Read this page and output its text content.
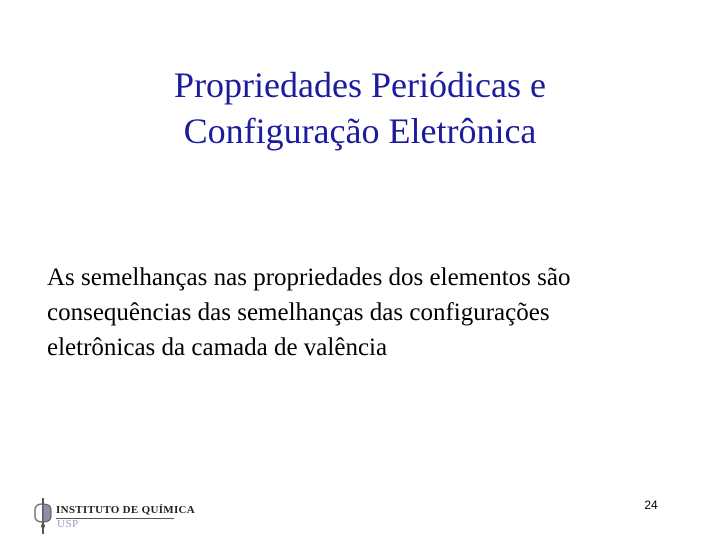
Propriedades Periódicas e
Configuração Eletrônica
As semelhanças nas propriedades dos elementos são
consequências das semelhanças das configurações
eletrônicas da camada de valência
24
INSTITUTO DE QUÍMICA
USP
